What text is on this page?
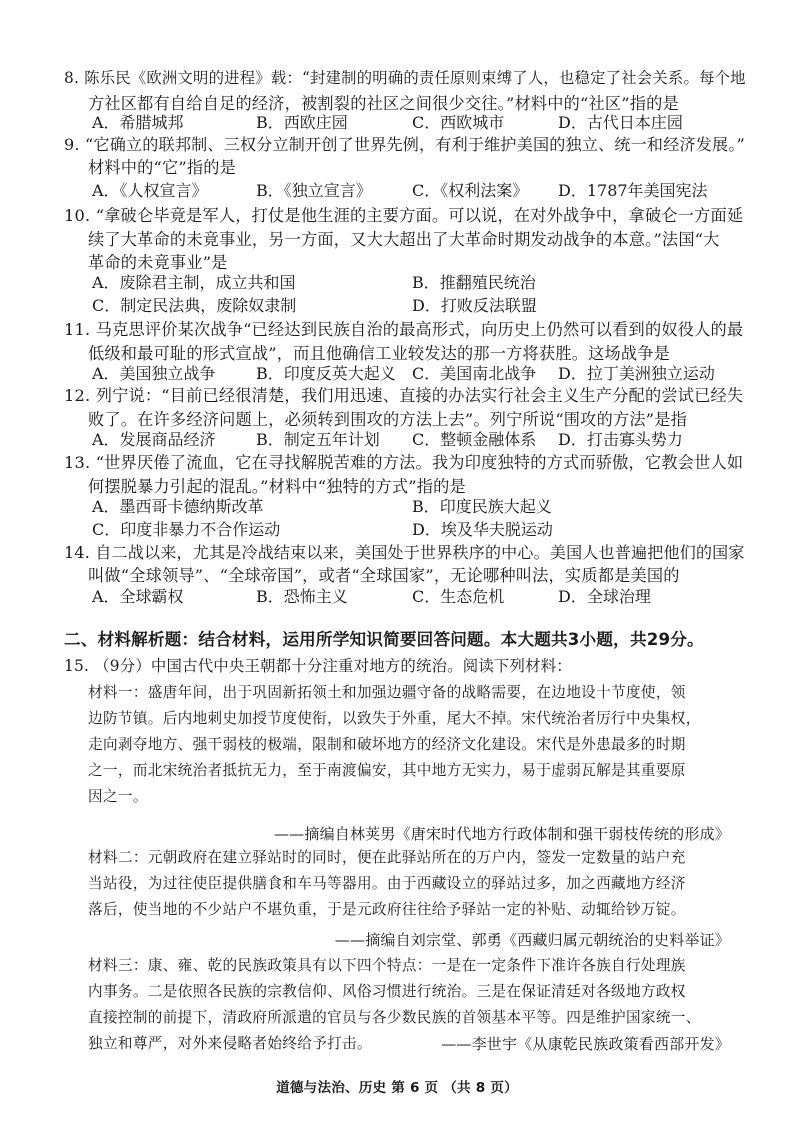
8. 陈乐民《欧洲文明的进程》载：“封建制的明确的责任原则束缚了人，也稳定了社会关系。每个地
方社区都有自给自足的经济，被割裂的社区之间很少交往。”材料中的“社区”指的是
A．希腊城邦	B．西欧庄园	C．西欧城市	D．古代日本庄园
9. “它确立的联邦制、三权分立制开创了世界先例，有利于维护美国的独立、统一和经济发展。”
材料中的“它”指的是
A．《人权宣言》	B．《独立宣言》	C．《权利法案》 D．1787年美国宪法
10. “拿破仑毕竟是军人，打仗是他生涯的主要方面。可以说，在对外战争中，拿破仑一方面延
续了大革命的未竟事业，另一方面，又大大超出了大革命时期发动战争的本意。”法国“大
革命的未竟事业”是
A．废除君主制，成立共和国	B．推翻殖民统治
C．制定民法典，废除奴隶制	D．打败反法联盟
11. 马克思评价某次战争“已经达到民族自治的最高形式，向历史上仍然可以看到的奴役人的最
低级和最可耻的形式宣战”，而且他确信工业较发达的那一方将获胜。这场战争是
A．美国独立战争	B．印度反英大起义 C．美国南北战争 D．拉丁美洲独立运动
12. 列宁说：“目前已经很清楚，我们用迅速、直接的办法实行社会主义生产分配的尝试已经失
败了。在许多经济问题上，必须转到围攻的方法上去”。列宁所说“围攻的方法”是指
A．发展商品经济	B．制定五年计划 C．整顿金融体系 D．打击寡头势力
13. “世界厌倦了流血，它在寻找解脱苦难的方法。我为印度独特的方式而骄傲，它教会世人如
何摆脱暴力引起的混乱。”材料中“独特的方式”指的是
A．墨西哥卡德纳斯改革	B．印度民族大起义
C．印度非暴力不合作运动	D．埃及华夫脱运动
14. 自二战以来，尤其是冷战结束以来，美国处于世界秩序的中心。美国人也普遍把他们的国家
叫做“全球领导”、“全球帝国”，或者“全球国家”，无论哪种叫法，实质都是美国的
A．全球霸权	B．恐怖主义	C．生态危机	D．全球治理
二、材料解析题：结合材料，运用所学知识简要回答问题。本大题共3小题，共29分。
15. （9分）中国古代中央王朝都十分注重对地方的统治。阅读下列材料：
材料一：盛唐年间，出于巩固新拓领土和加强边疆守备的战略需要，在边地设十节度使，领
边防节镇。后内地刺史加授节度使衔，以致失于外重，尾大不掉。宋代统治者厉行中央集权，
走向剥夺地方、强干弱枝的极端，限制和破坏地方的经济文化建设。宋代是外患最多的时期
之一，而北宋统治者抵抗无力，至于南渡偏安，其中地方无实力，易于虚弱瓦解是其重要原
因之一。
——摘编自林荚男《唐宋时代地方行政体制和强干弱枝传统的形成》
材料二：元朝政府在建立驿站时的同时，便在此驿站所在的万户内，签发一定数量的站户充
当站役，为过往使臣提供膳食和车马等器用。由于西藏设立的驿站过多，加之西藏地方经济
落后，使当地的不少站户不堪负重，于是元政府往往给予驿站一定的补贴、动辄给钞万锭。
——摘编自刘宗堂、郭勇《西藏归属元朝统治的史料举证》
材料三：康、雍、乾的民族政策具有以下四个特点：一是在一定条件下准许各族自行处理族
内事务。二是依照各民族的宗教信仰、风俗习惯进行统治。三是在保证清廷对各级地方政权
直接控制的前提下，清政府所派遣的官员与各少数民族的首领基本平等。四是维护国家统一、
独立和尊严，对外来侵略者始终给予打击。	——李世宇《从康乾民族政策看西部开发》
道德与法治、历史 第 6 页 （共 8 页）
